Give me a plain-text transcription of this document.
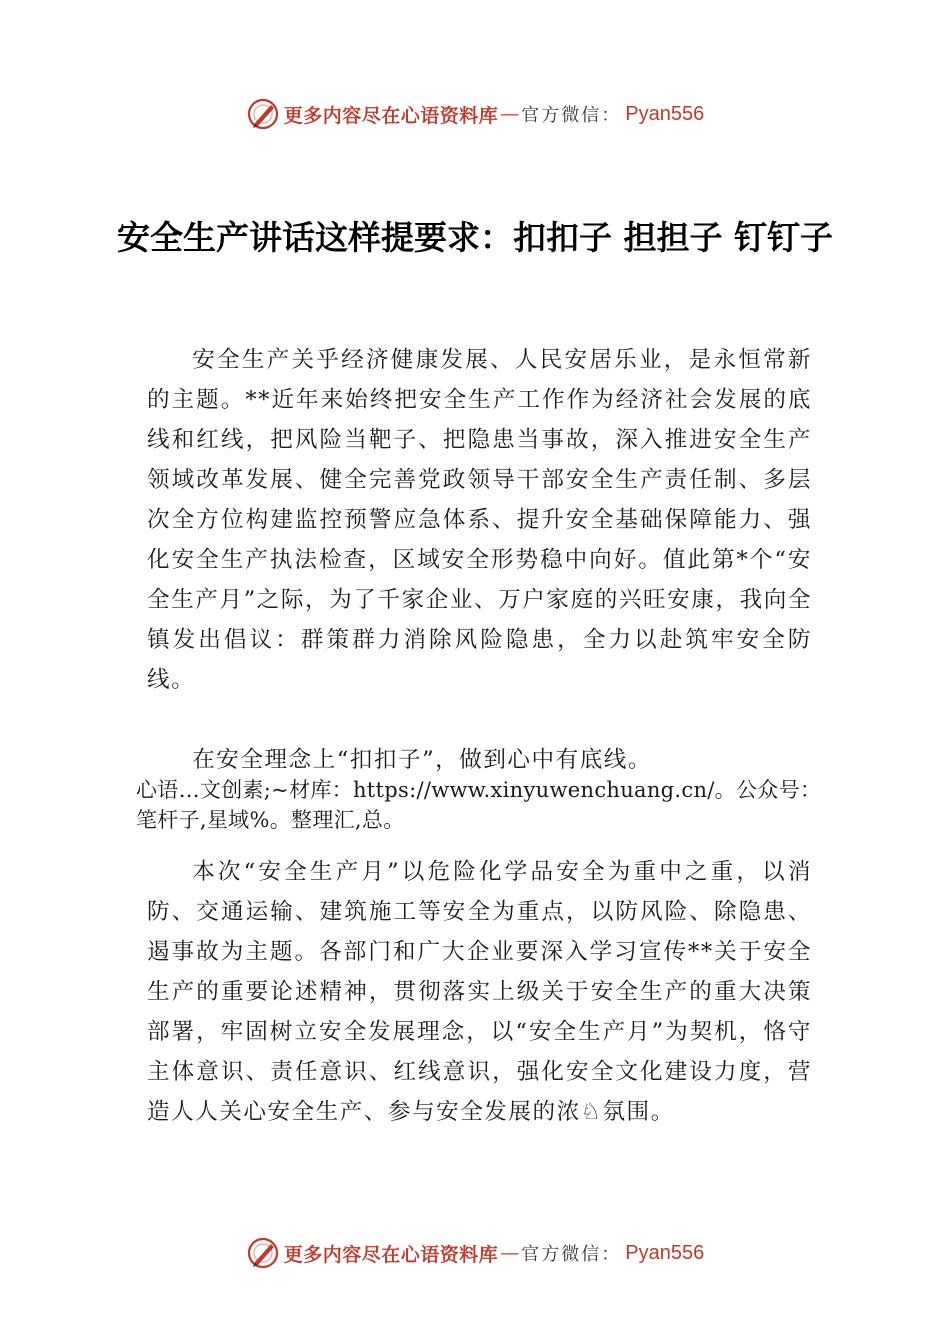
更多内容尽在心语资料库 — 官方微信： Pyan556
安全生产讲话这样提要求：扣扣子 担担子 钉钉子

安全生产关乎经济健康发展、人民安居乐业，是永恒常新的主题。**近年来始终把安全生产工作作为经济社会发展的底线和红线，把风险当靶子、把隐患当事故，深入推进安全生产领域改革发展、健全完善党政领导干部安全生产责任制、多层次全方位构建监控预警应急体系、提升安全基础保障能力、强化安全生产执法检查，区域安全形势稳中向好。值此第*个“安全生产月”之际，为了千家企业、万户家庭的兴旺安康，我向全镇发出倡议：群策群力消除风险隐患，全力以赴筑牢安全防线。

在安全理念上“扣扣子”，做到心中有底线。

心语…文创素;~材库：https://www.xinyuwenchuang.cn/。公众号：笔杆子,星域%。整理汇,总。

本次“安全生产月”以危险化学品安全为重中之重，以消防、交通运输、建筑施工等安全为重点，以防风险、除隐患、遏事故为主题。各部门和广大企业要深入学习宣传**关于安全生产的重要论述精神，贯彻落实上级关于安全生产的重大决策部署，牢固树立安全发展理念，以“安全生产月”为契机，恪守主体意识、责任意识、红线意识，强化安全文化建设力度，营造人人关心安全生产、参与安全发展的浓♘氛围。

更多内容尽在心语资料库 — 官方微信： Pyan556
